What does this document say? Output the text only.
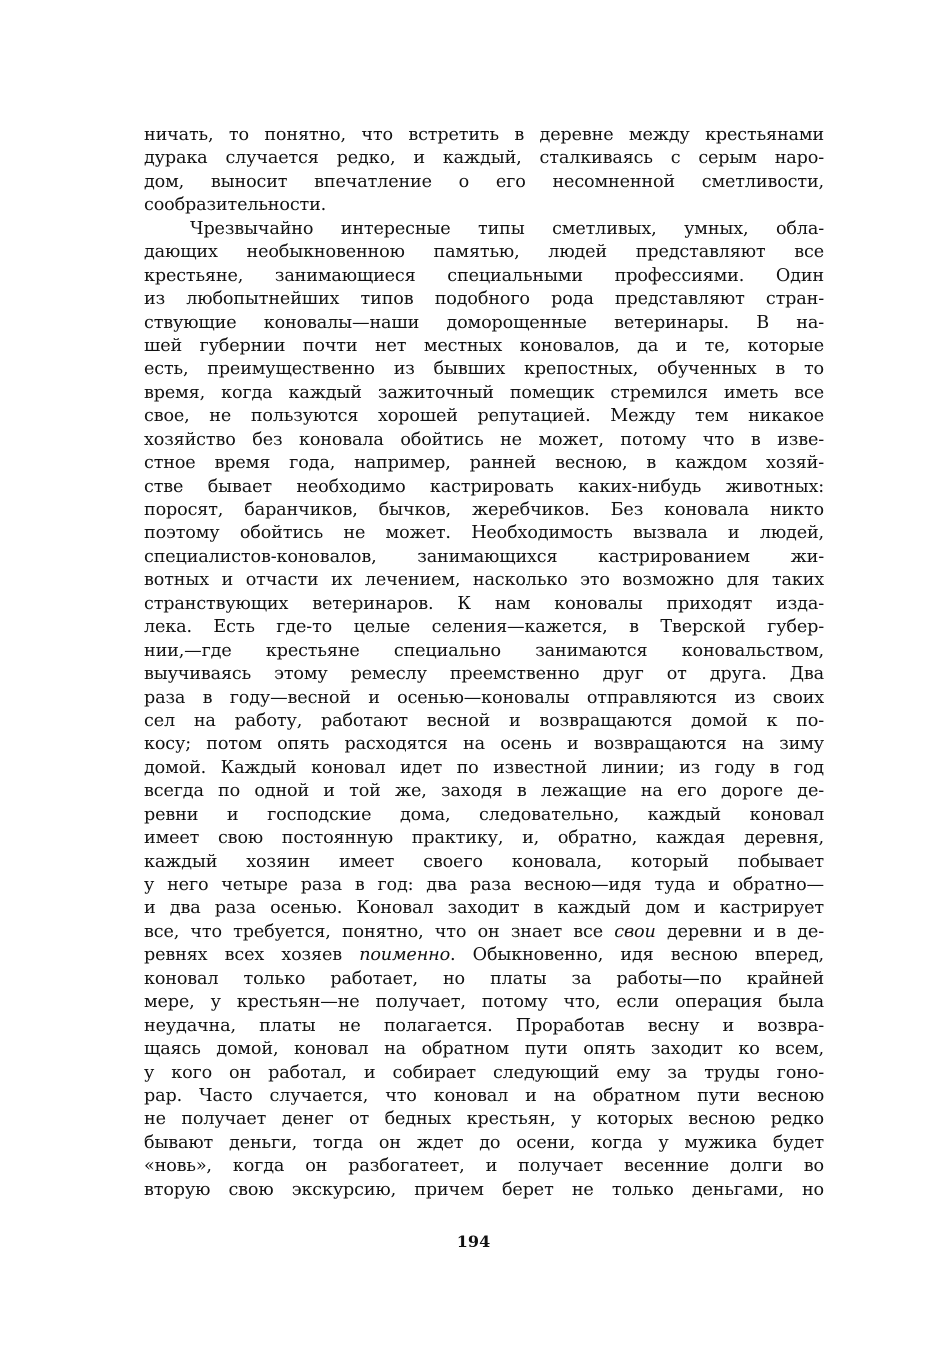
ничать, то понятно, что встретить в деревне между крестьянами
дурака случается редко, и каждый, сталкиваясь с серым наро-
дом, выносит впечатление о его несомненной сметливости,
сообразительности.
Чрезвычайно интересные типы сметливых, умных, обла-
дающих необыкновенною памятью, людей представляют все
крестьяне, занимающиеся специальными профессиями. Один
из любопытнейших типов подобного рода представляют стран-
ствующие коновалы—наши доморощенные ветеринары. В на-
шей губернии почти нет местных коновалов, да и те, которые
есть, преимущественно из бывших крепостных, обученных в то
время, когда каждый зажиточный помещик стремился иметь все
свое, не пользуются хорошей репутацией. Между тем никакое
хозяйство без коновала обойтись не может, потому что в изве-
стное время года, например, ранней весною, в каждом хозяй-
стве бывает необходимо кастрировать каких-нибудь животных:
поросят, баранчиков, бычков, жеребчиков. Без коновала никто
поэтому обойтись не может. Необходимость вызвала и людей,
специалистов-коновалов, занимающихся кастрированием жи-
вотных и отчасти их лечением, насколько это возможно для таких
странствующих ветеринаров. К нам коновалы приходят изда-
лека. Есть где-то целые селения—кажется, в Тверской губер-
нии,—где крестьяне специально занимаются коновальством,
выучиваясь этому ремеслу преемственно друг от друга. Два
раза в году—весной и осенью—коновалы отправляются из своих
сел на работу, работают весной и возвращаются домой к по-
косу; потом опять расходятся на осень и возвращаются на зиму
домой. Каждый коновал идет по известной линии; из году в год
всегда по одной и той же, заходя в лежащие на его дороге де-
ревни и господские дома, следовательно, каждый коновал
имеет свою постоянную практику, и, обратно, каждая деревня,
каждый хозяин имеет своего коновала, который побывает
у него четыре раза в год: два раза весною—идя туда и обратно—
и два раза осенью. Коновал заходит в каждый дом и кастрирует
все, что требуется, понятно, что он знает все свои деревни и в де-
ревнях всех хозяев поименно. Обыкновенно, идя весною вперед,
коновал только работает, но платы за работы—по крайней
мере, у крестьян—не получает, потому что, если операция была
неудачна, платы не полагается. Проработав весну и возвра-
щаясь домой, коновал на обратном пути опять заходит ко всем,
у кого он работал, и собирает следующий ему за труды гоно-
рар. Часто случается, что коновал и на обратном пути весною
не получает денег от бедных крестьян, у которых весною редко
бывают деньги, тогда он ждет до осени, когда у мужика будет
«новь», когда он разбогатеет, и получает весенние долги во
вторую свою экскурсию, причем берет не только деньгами, но
194
